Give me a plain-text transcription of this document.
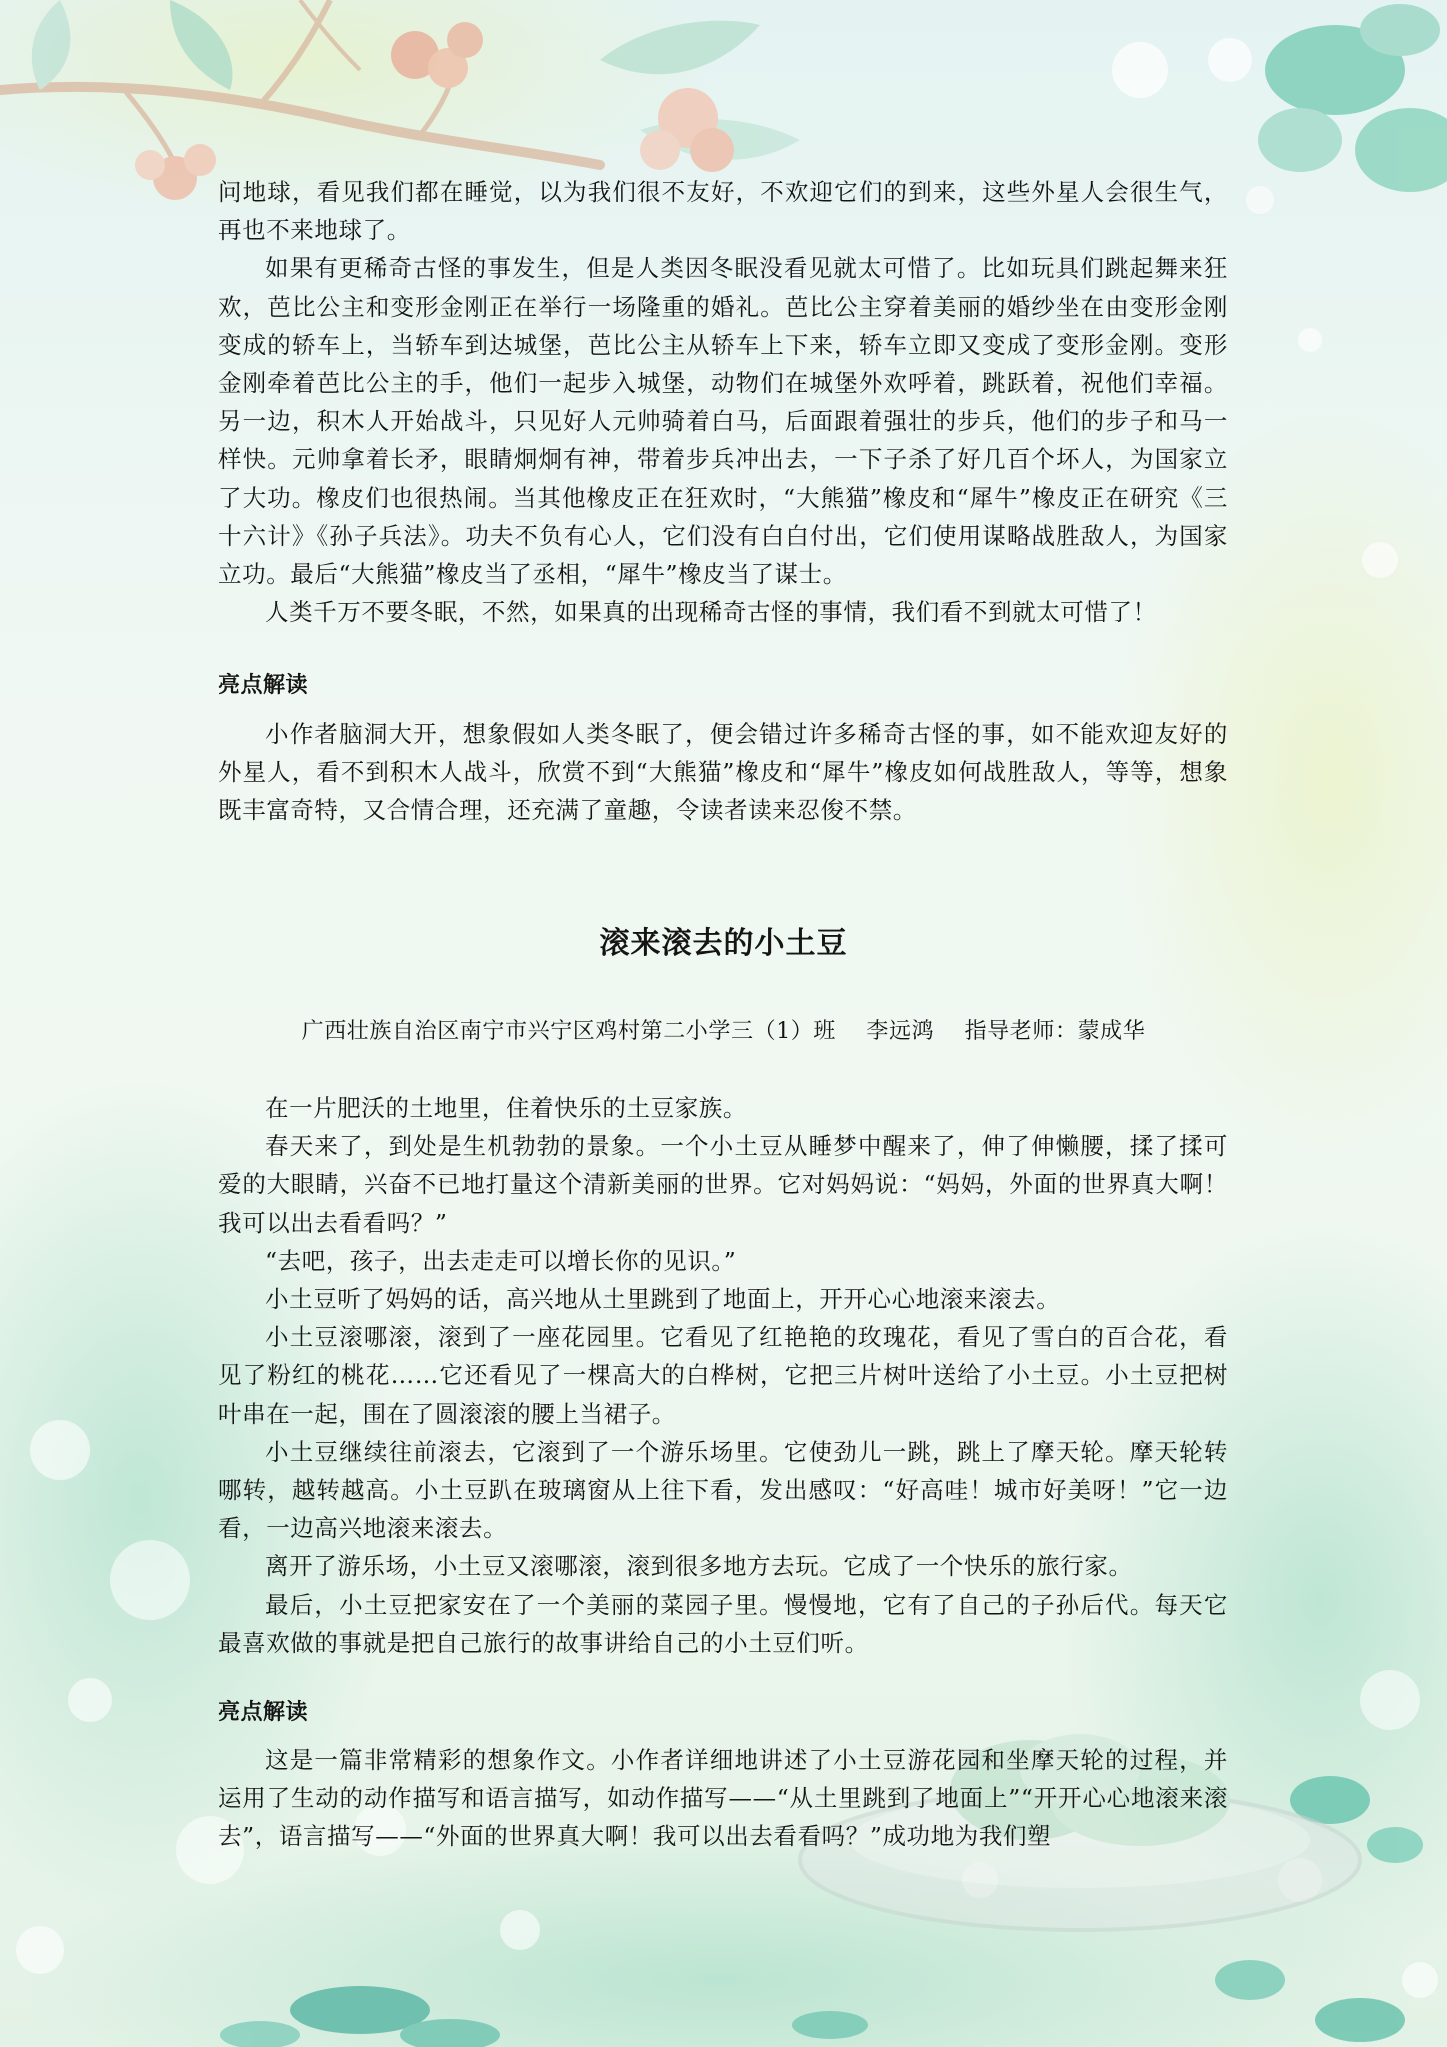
问地球，看见我们都在睡觉，以为我们很不友好，不欢迎它们的到来，这些外星人会很生气，再也不来地球了。

如果有更稀奇古怪的事发生，但是人类因冬眠没看见就太可惜了。比如玩具们跳起舞来狂欢，芭比公主和变形金刚正在举行一场隆重的婚礼。芭比公主穿着美丽的婚纱坐在由变形金刚变成的轿车上，当轿车到达城堡，芭比公主从轿车上下来，轿车立即又变成了变形金刚。变形金刚牵着芭比公主的手，他们一起步入城堡，动物们在城堡外欢呼着，跳跃着，祝他们幸福。另一边，积木人开始战斗，只见好人元帅骑着白马，后面跟着强壮的步兵，他们的步子和马一样快。元帅拿着长矛，眼睛炯炯有神，带着步兵冲出去，一下子杀了好几百个坏人，为国家立了大功。橡皮们也很热闹。当其他橡皮正在狂欢时，“大熊猫”橡皮和“犀牛”橡皮正在研究《三十六计》《孙子兵法》。功夫不负有心人，它们没有白白付出，它们使用谋略战胜敌人，为国家立功。最后“大熊猫”橡皮当了丞相，“犀牛”橡皮当了谋士。

人类千万不要冬眠，不然，如果真的出现稀奇古怪的事情，我们看不到就太可惜了！

亮点解读

小作者脑洞大开，想象假如人类冬眠了，便会错过许多稀奇古怪的事，如不能欢迎友好的外星人，看不到积木人战斗，欣赏不到“大熊猫”橡皮和“犀牛”橡皮如何战胜敌人，等等，想象既丰富奇特，又合情合理，还充满了童趣，令读者读来忍俊不禁。

滚来滚去的小土豆
广西壮族自治区南宁市兴宁区鸡村第二小学三（1）班 李远鸿 指导老师：蒙成华

在一片肥沃的土地里，住着快乐的土豆家族。

春天来了，到处是生机勃勃的景象。一个小土豆从睡梦中醒来了，伸了伸懒腰，揉了揉可爱的大眼睛，兴奋不已地打量这个清新美丽的世界。它对妈妈说：“妈妈，外面的世界真大啊！我可以出去看看吗？”

“去吧，孩子，出去走走可以增长你的见识。”

小土豆听了妈妈的话，高兴地从土里跳到了地面上，开开心心地滚来滚去。

小土豆滚哪滚，滚到了一座花园里。它看见了红艳艳的玫瑰花，看见了雪白的百合花，看见了粉红的桃花……它还看见了一棵高大的白桦树，它把三片树叶送给了小土豆。小土豆把树叶串在一起，围在了圆滚滚的腰上当裙子。

小土豆继续往前滚去，它滚到了一个游乐场里。它使劲儿一跳，跳上了摩天轮。摩天轮转哪转，越转越高。小土豆趴在玻璃窗从上往下看，发出感叹：“好高哇！城市好美呀！”它一边看，一边高兴地滚来滚去。

离开了游乐场，小土豆又滚哪滚，滚到很多地方去玩。它成了一个快乐的旅行家。

最后，小土豆把家安在了一个美丽的菜园子里。慢慢地，它有了自己的子孙后代。每天它最喜欢做的事就是把自己旅行的故事讲给自己的小土豆们听。

亮点解读

这是一篇非常精彩的想象作文。小作者详细地讲述了小土豆游花园和坐摩天轮的过程，并运用了生动的动作描写和语言描写，如动作描写——“从土里跳到了地面上”“开开心心地滚来滚去”，语言描写——“外面的世界真大啊！我可以出去看看吗？”成功地为我们塑
